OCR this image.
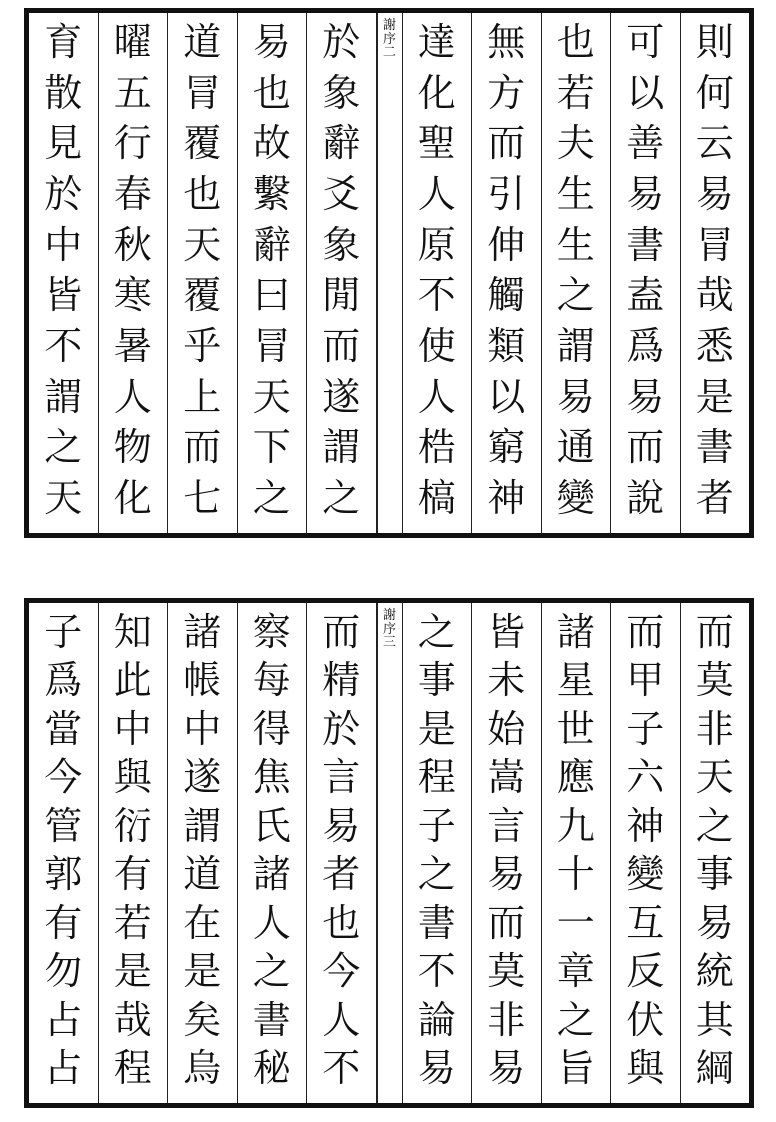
則
何
云
易
冐
哉
悉
是
書
者
可
以
善
易
書
盍
爲
易
而
說
也
若
夫
生
生
之
謂
易
通
變
無
方
而
引
伸
觸
類
以
窮
神
達
化
聖
人
原
不
使
人
梏
槁
謝
序
二
於
象
辭
爻
象
閒
而
遂
謂
之
易
也
故
繫
辭
曰
冐
天
下
之
道
冐
覆
也
天
覆
乎
上
而
七
曜
五
行
春
秋
寒
暑
人
物
化
育
散
見
於
中
皆
不
謂
之
天
而
莫
非
天
之
事
易
統
其
綱
而
甲
子
六
神
變
互
反
伏
與
諸
星
世
應
九
十
一
章
之
旨
皆
未
始
嵩
言
易
而
莫
非
易
之
事
是
程
子
之
書
不
論
易
謝
序
三
而
精
於
言
易
者
也
今
人
不
察
每
得
焦
氏
諸
人
之
書
秘
諸
帳
中
遂
謂
道
在
是
矣
烏
知
此
中
與
衍
有
若
是
哉
程
子
爲
當
今
管
郭
有
勿
占
占
